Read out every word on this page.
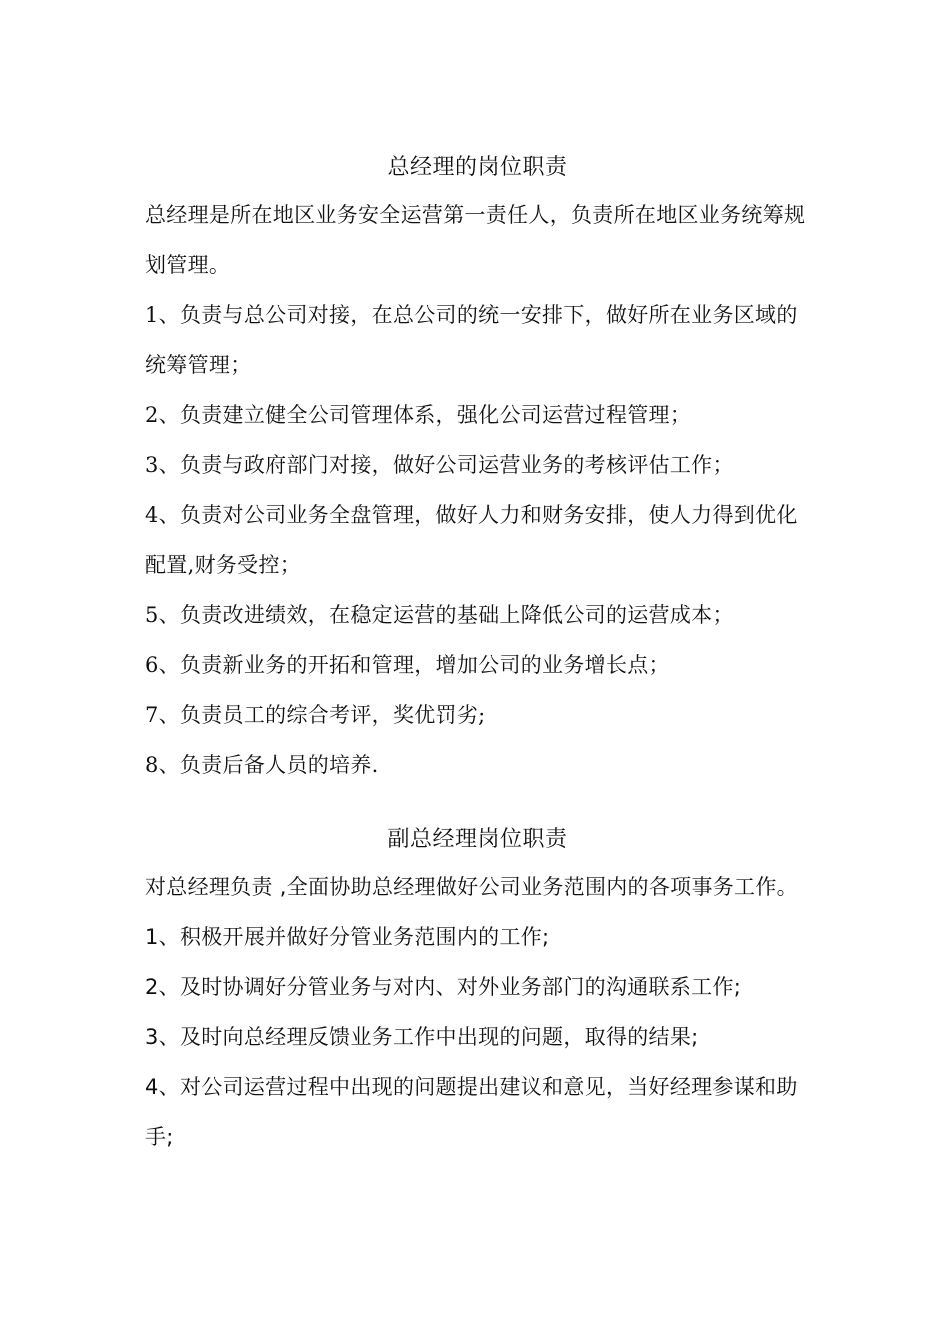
总经理的岗位职责

总经理是所在地区业务安全运营第一责任人，负责所在地区业务统筹规划管理。

1、负责与总公司对接，在总公司的统一安排下，做好所在业务区域的统筹管理；

2、负责建立健全公司管理体系，强化公司运营过程管理；

3、负责与政府部门对接，做好公司运营业务的考核评估工作；

4、负责对公司业务全盘管理，做好人力和财务安排，使人力得到优化配置,财务受控；

5、负责改进绩效，在稳定运营的基础上降低公司的运营成本；

6、负责新业务的开拓和管理，增加公司的业务增长点；

7、负责员工的综合考评，奖优罚劣;

8、负责后备人员的培养.

副总经理岗位职责

对总经理负责 ,全面协助总经理做好公司业务范围内的各项事务工作。

1、积极开展并做好分管业务范围内的工作;

2、及时协调好分管业务与对内、对外业务部门的沟通联系工作;

3、及时向总经理反馈业务工作中出现的问题，取得的结果;

4、对公司运营过程中出现的问题提出建议和意见，当好经理参谋和助手;
